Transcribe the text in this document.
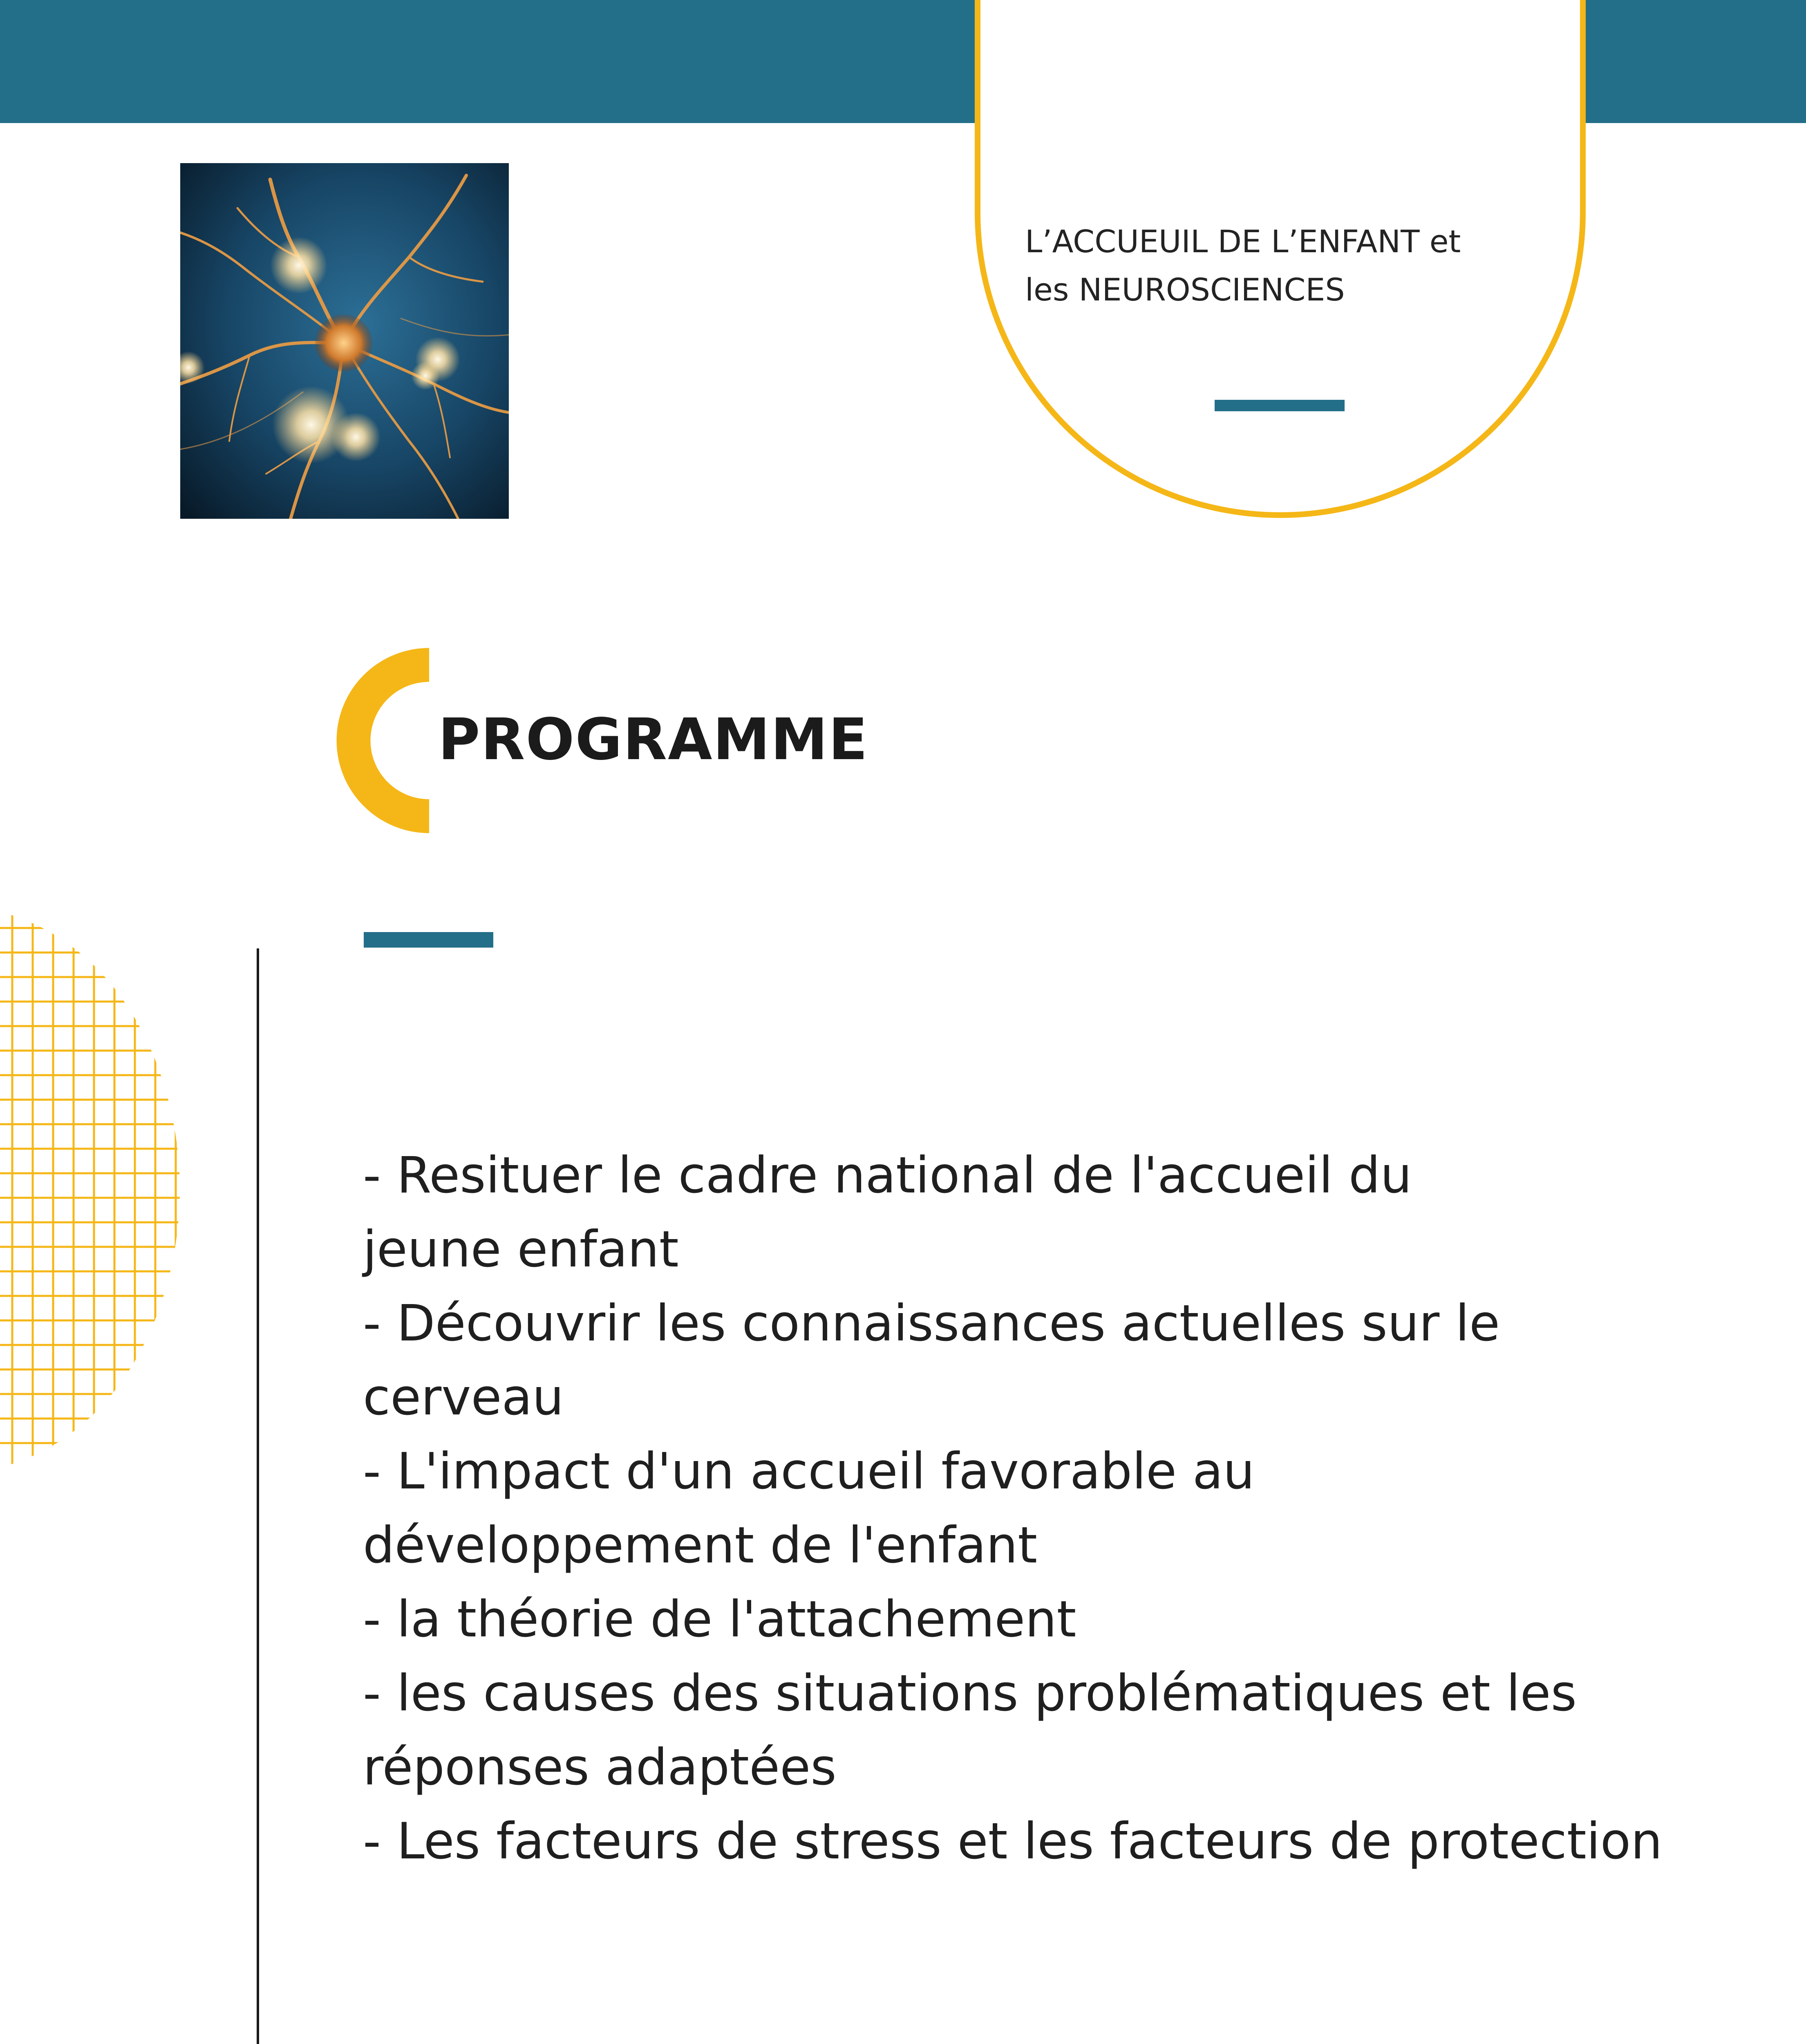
L’ACCUEUIL DE L’ENFANT et
les NEUROSCIENCES
PROGRAMME
- Resituer le cadre national de l'accueil du
jeune enfant
- Découvrir les connaissances actuelles sur le
cerveau
- L'impact d'un accueil favorable au
développement de l'enfant
- la théorie de l'attachement
- les causes des situations problématiques et les
réponses adaptées
- Les facteurs de stress et les facteurs de protection
